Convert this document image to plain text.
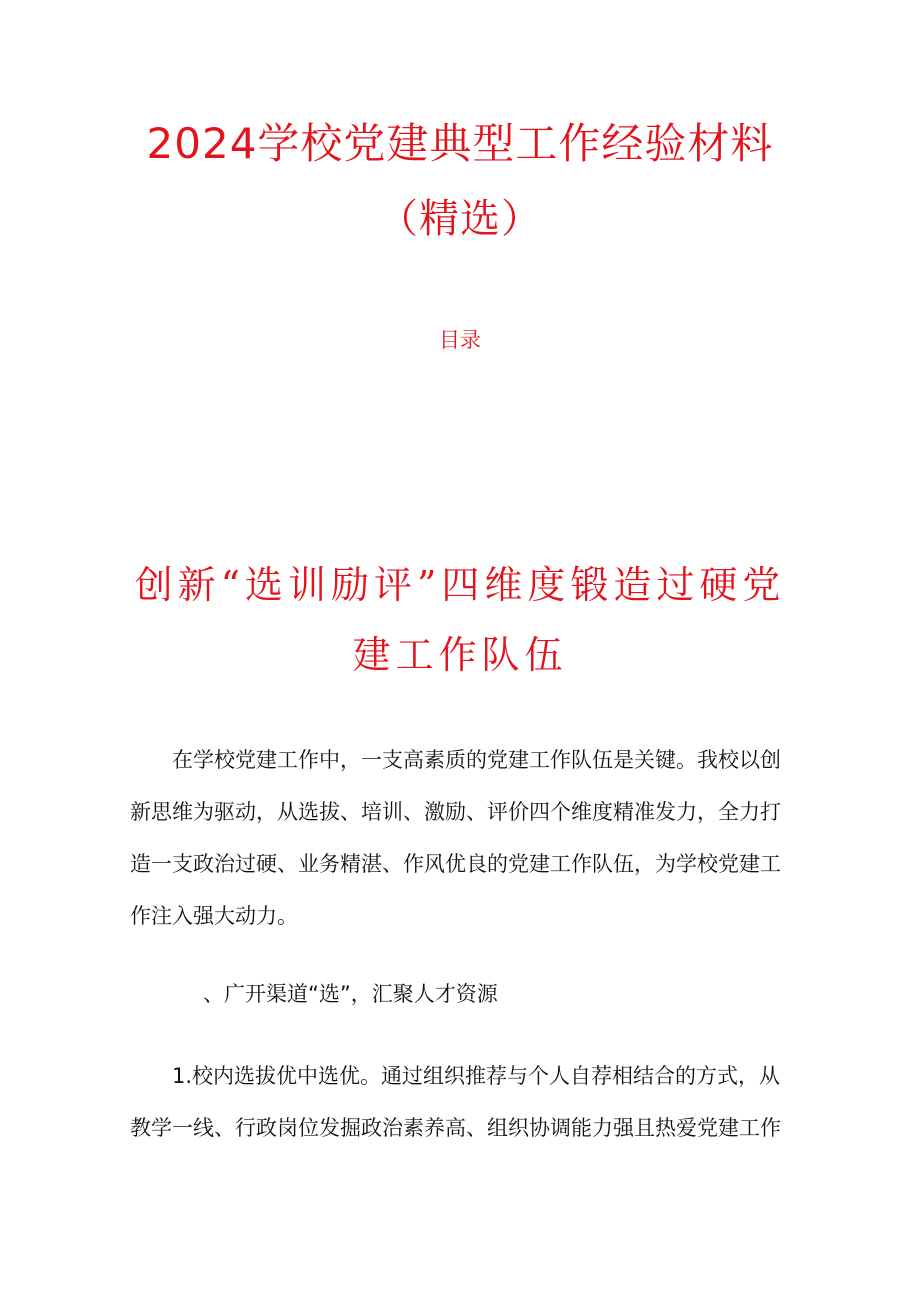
2024学校党建典型工作经验材料
（精选）
目录
创新“选训励评”四维度锻造过硬党
建工作队伍

在学校党建工作中，一支高素质的党建工作队伍是关键。我校以创新思维为驱动，从选拔、培训、激励、评价四个维度精准发力，全力打造一支政治过硬、业务精湛、作风优良的党建工作队伍，为学校党建工作注入强大动力。

、广开渠道“选”，汇聚人才资源

1.校内选拔优中选优。通过组织推荐与个人自荐相结合的方式，从教学一线、行政岗位发掘政治素养高、组织协调能力强且热爱党建工作
